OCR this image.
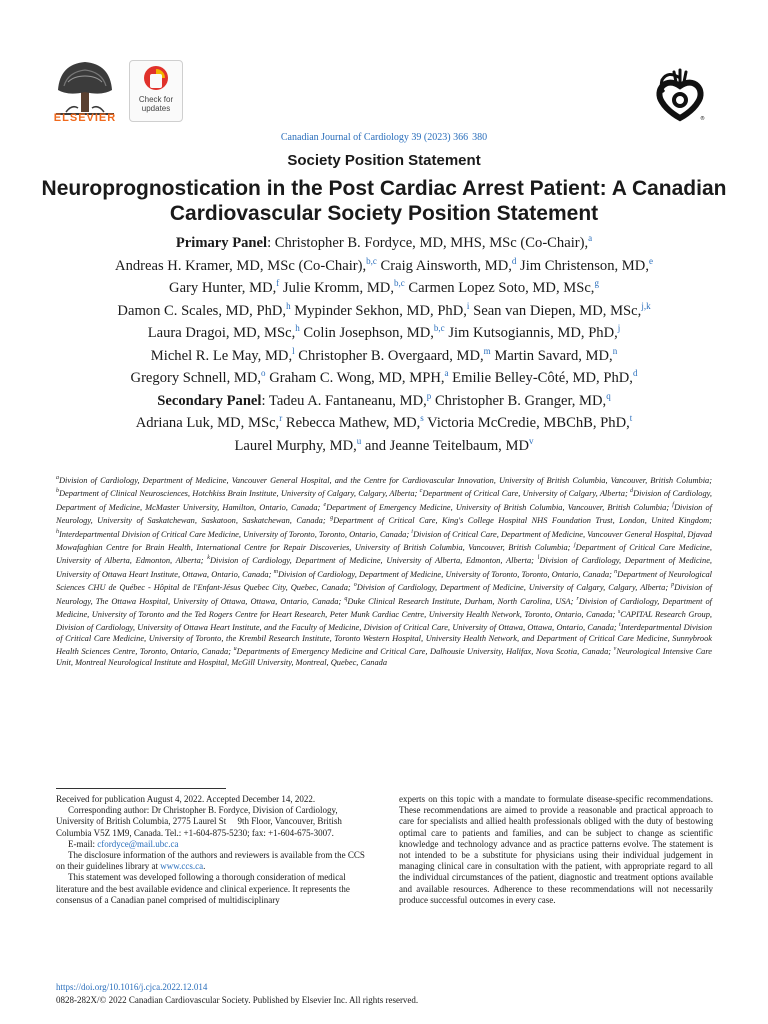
ELSEVIER
Check for updates
®
Canadian Journal of Cardiology 39 (2023) 366  380
Society Position Statement
Neuroprognostication in the Post Cardiac Arrest Patient: A Canadian Cardiovascular Society Position Statement
Primary Panel: Christopher B. Fordyce, MD, MHS, MSc (Co-Chair),$^a$
Andreas H. Kramer, MD, MSc (Co-Chair),$^{b,c}$ Craig Ainsworth, MD,$^d$ Jim Christenson, MD,$^e$
Gary Hunter, MD,$^f$ Julie Kromm, MD,$^{b,c}$ Carmen Lopez Soto, MD, MSc,$^g$
Damon C. Scales, MD, PhD,$^h$ Mypinder Sekhon, MD, PhD,$^i$ Sean van Diepen, MD, MSc,$^{j,k}$
Laura Dragoi, MD, MSc,$^h$ Colin Josephson, MD,$^{b,c}$ Jim Kutsogiannis, MD, PhD,$^j$
Michel R. Le May, MD,$^l$ Christopher B. Overgaard, MD,$^m$ Martin Savard, MD,$^n$
Gregory Schnell, MD,$^o$ Graham C. Wong, MD, MPH,$^a$ Emilie Belley-Côté, MD, PhD,$^d$
Secondary Panel: Tadeu A. Fantaneanu, MD,$^p$ Christopher B. Granger, MD,$^q$
Adriana Luk, MD, MSc,$^r$ Rebecca Mathew, MD,$^s$ Victoria McCredie, MBChB, PhD,$^t$
Laurel Murphy, MD,$^u$ and Jeanne Teitelbaum, $MD^v$
$^a$Division of Cardiology, Department of Medicine, Vancouver General Hospital, and the Centre for Cardiovascular Innovation, University of British Columbia, Vancouver, British Columbia; $^b$Department of Clinical Neurosciences, Hotchkiss Brain Institute, University of Calgary, Calgary, Alberta; $^c$Department of Critical Care, University of Calgary, Alberta; $^d$Division of Cardiology, Department of Medicine, McMaster University, Hamilton, Ontario, Canada; $^e$Department of Emergency Medicine, University of British Columbia, Vancouver, British Columbia; $^f$Division of Neurology, University of Saskatchewan, Saskatoon, Saskatchewan, Canada; $^g$Department of Critical Care, King's College Hospital NHS Foundation Trust, London, United Kingdom; $^h$Interdepartmental Division of Critical Care Medicine, University of Toronto, Toronto, Ontario, Canada; $^i$Division of Critical Care, Department of Medicine, Vancouver General Hospital, Djavad Mowafaghian Centre for Brain Health, International Centre for Repair Discoveries, University of British Columbia, Vancouver, British Columbia; $^j$Department of Critical Care Medicine, University of Alberta, Edmonton, Alberta; $^k$Division of Cardiology, Department of Medicine, University of Alberta, Edmonton, Alberta; $^l$Division of Cardiology, Department of Medicine, University of Ottawa Heart Institute, Ottawa, Ontario, Canada; $^m$Division of Cardiology, Department of Medicine, University of Toronto, Toronto, Ontario, Canada; $^n$Department of Neurological Sciences CHU de Québec - Hôpital de l'Enfant-Jésus Quebec City, Quebec, Canada; $^o$Division of Cardiology, Department of Medicine, University of Calgary, Calgary, Alberta; $^p$Division of Neurology, The Ottawa Hospital, University of Ottawa, Ottawa, Ontario, Canada; $^q$Duke Clinical Research Institute, Durham, North Carolina, USA; $^r$Division of Cardiology, Department of Medicine, University of Toronto and the Ted Rogers Centre for Heart Research, Peter Munk Cardiac Centre, University Health Network, Toronto, Ontario, Canada; $^s$CAPITAL Research Group, Division of Cardiology, University of Ottawa Heart Institute, and the Faculty of Medicine, Division of Critical Care, University of Ottawa, Ottawa, Ontario, Canada; $^t$Interdepartmental Division of Critical Care Medicine, University of Toronto, the Krembil Research Institute, Toronto Western Hospital, University Health Network, and Department of Critical Care Medicine, Sunnybrook Health Sciences Centre, Toronto, Ontario, Canada; $^u$Departments of Emergency Medicine and Critical Care, Dalhousie University, Halifax, Nova Scotia, Canada; $^v$Neurological Intensive Care Unit, Montreal Neurological Institute and Hospital, McGill University, Montreal, Quebec, Canada

Received for publication August 4, 2022. Accepted December 14, 2022.

Corresponding author: Dr Christopher B. Fordyce, Division of Cardiology, University of British Columbia, 2775 Laurel St  9th Floor, Vancouver, British Columbia V5Z 1M9, Canada. Tel.: +1-604-875-5230; fax: +1-604-675-3007.

E-mail: cfordyce@mail.ubc.ca

The disclosure information of the authors and reviewers is available from the CCS on their guidelines library at www.ccs.ca.

This statement was developed following a thorough consideration of medical literature and the best available evidence and clinical experience. It represents the consensus of a Canadian panel comprised of multidisciplinary

experts on this topic with a mandate to formulate disease-specific recommendations. These recommendations are aimed to provide a reasonable and practical approach to care for specialists and allied health professionals obliged with the duty of bestowing optimal care to patients and families, and can be subject to change as scientific knowledge and technology advance and as practice patterns evolve. The statement is not intended to be a substitute for physicians using their individual judgement in managing clinical care in consultation with the patient, with appropriate regard to all the individual circumstances of the patient, diagnostic and treatment options available and available resources. Adherence to these recommendations will not necessarily produce successful outcomes in every case.
https://doi.org/10.1016/j.cjca.2022.12.014
0828-282X/© 2022 Canadian Cardiovascular Society. Published by Elsevier Inc. All rights reserved.
